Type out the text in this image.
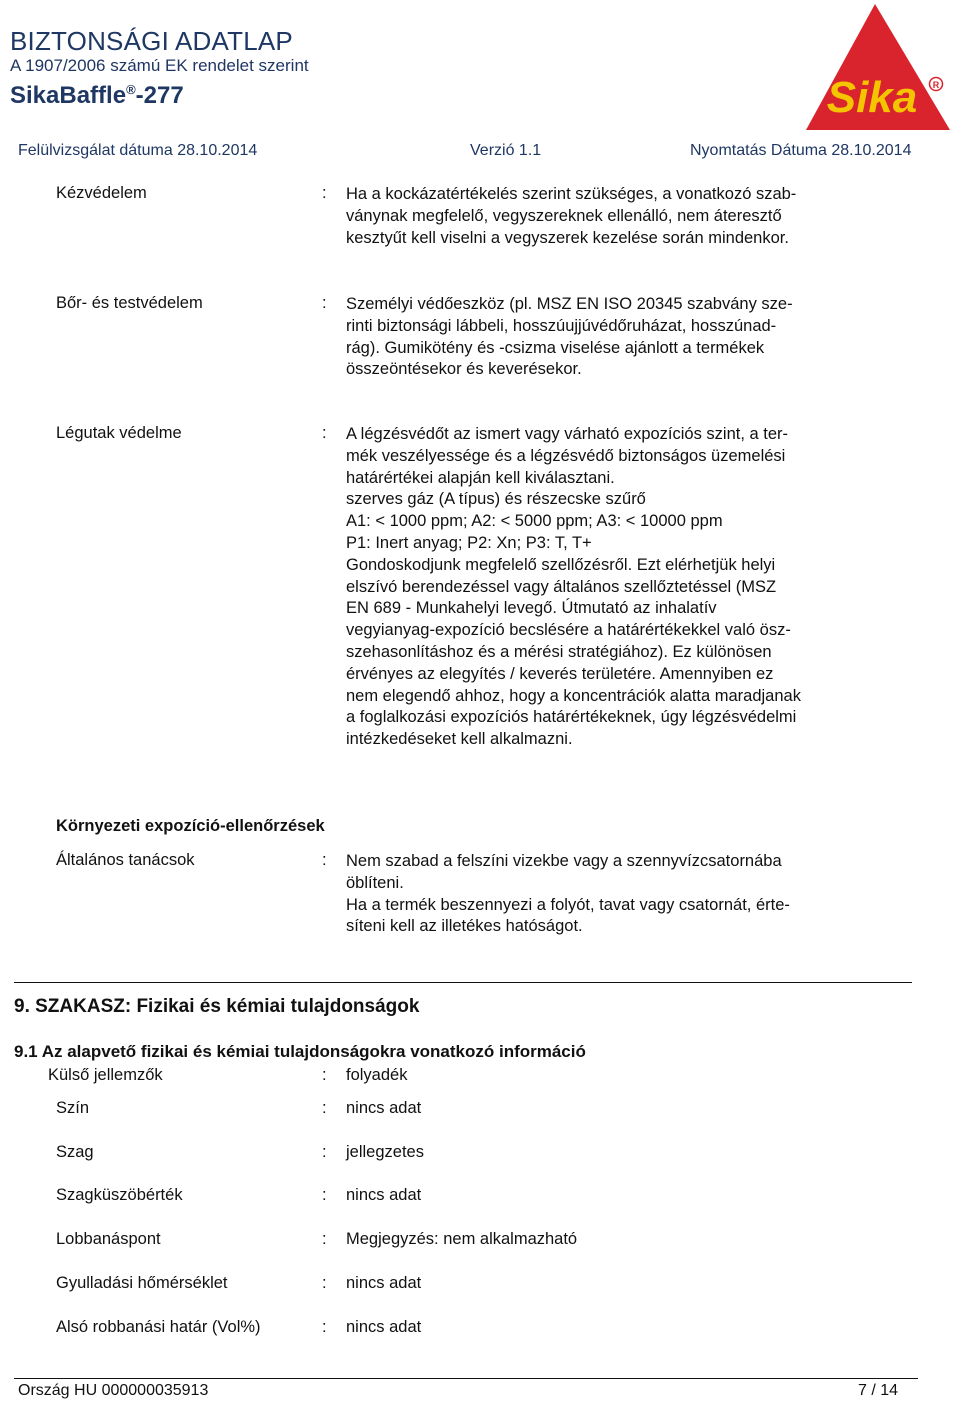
BIZTONSÁGI ADATLAP
A 1907/2006 számú EK rendelet szerint
SikaBaffle®-277
Felülvizsgálat dátuma 28.10.2014	Verzió 1.1	Nyomtatás Dátuma 28.10.2014
Sika R
Kézvédelem	: Ha a kockázatértékelés szerint szükséges, a vonatkozó szab-
ványnak megfelelő, vegyszereknek ellenálló, nem áteresztő
kesztyűt kell viselni a vegyszerek kezelése során mindenkor.
Bőr- és testvédelem	: Személyi védőeszköz (pl. MSZ EN ISO 20345 szabvány sze-
rinti biztonsági lábbeli, hosszúujjúvédőruházat, hosszúnad-
rág). Gumikötény és -csizma viselése ajánlott a termékek
összeöntésekor és keverésekor.
Légutak védelme	: A légzésvédőt az ismert vagy várható expozíciós szint, a ter-
mék veszélyessége és a légzésvédő biztonságos üzemelési
határértékei alapján kell kiválasztani.
szerves gáz (A típus) és részecske szűrő
A1: < 1000 ppm; A2: < 5000 ppm; A3: < 10000 ppm
P1: Inert anyag; P2: Xn; P3: T, T+
Gondoskodjunk megfelelő szellőzésről. Ezt elérhetjük helyi
elszívó berendezéssel vagy általános szellőztetéssel (MSZ
EN 689 - Munkahelyi levegő. Útmutató az inhalatív
vegyianyag-expozíció becslésére a határértékekkel való ösz-
szehasonlításhoz és a mérési stratégiához). Ez különösen
érvényes az elegyítés / keverés területére. Amennyiben ez
nem elegendő ahhoz, hogy a koncentrációk alatta maradjanak
a foglalkozási expozíciós határértékeknek, úgy légzésvédelmi
intézkedéseket kell alkalmazni.
Környezeti expozíció-ellenőrzések
Általános tanácsok	: Nem szabad a felszíni vizekbe vagy a szennyvízcsatornába
öblíteni.
Ha a termék beszennyezi a folyót, tavat vagy csatornát, érte-
síteni kell az illetékes hatóságot.
9. SZAKASZ: Fizikai és kémiai tulajdonságok
9.1 Az alapvető fizikai és kémiai tulajdonságokra vonatkozó információ
Külső jellemzők	: folyadék
Szín	: nincs adat
Szag	: jellegzetes
Szagküszöbérték	: nincs adat
Lobbanáspont	: Megjegyzés: nem alkalmazható
Gyulladási hőmérséklet	: nincs adat
Alsó robbanási határ (Vol%)	: nincs adat
Ország HU 000000035913	7 / 14
